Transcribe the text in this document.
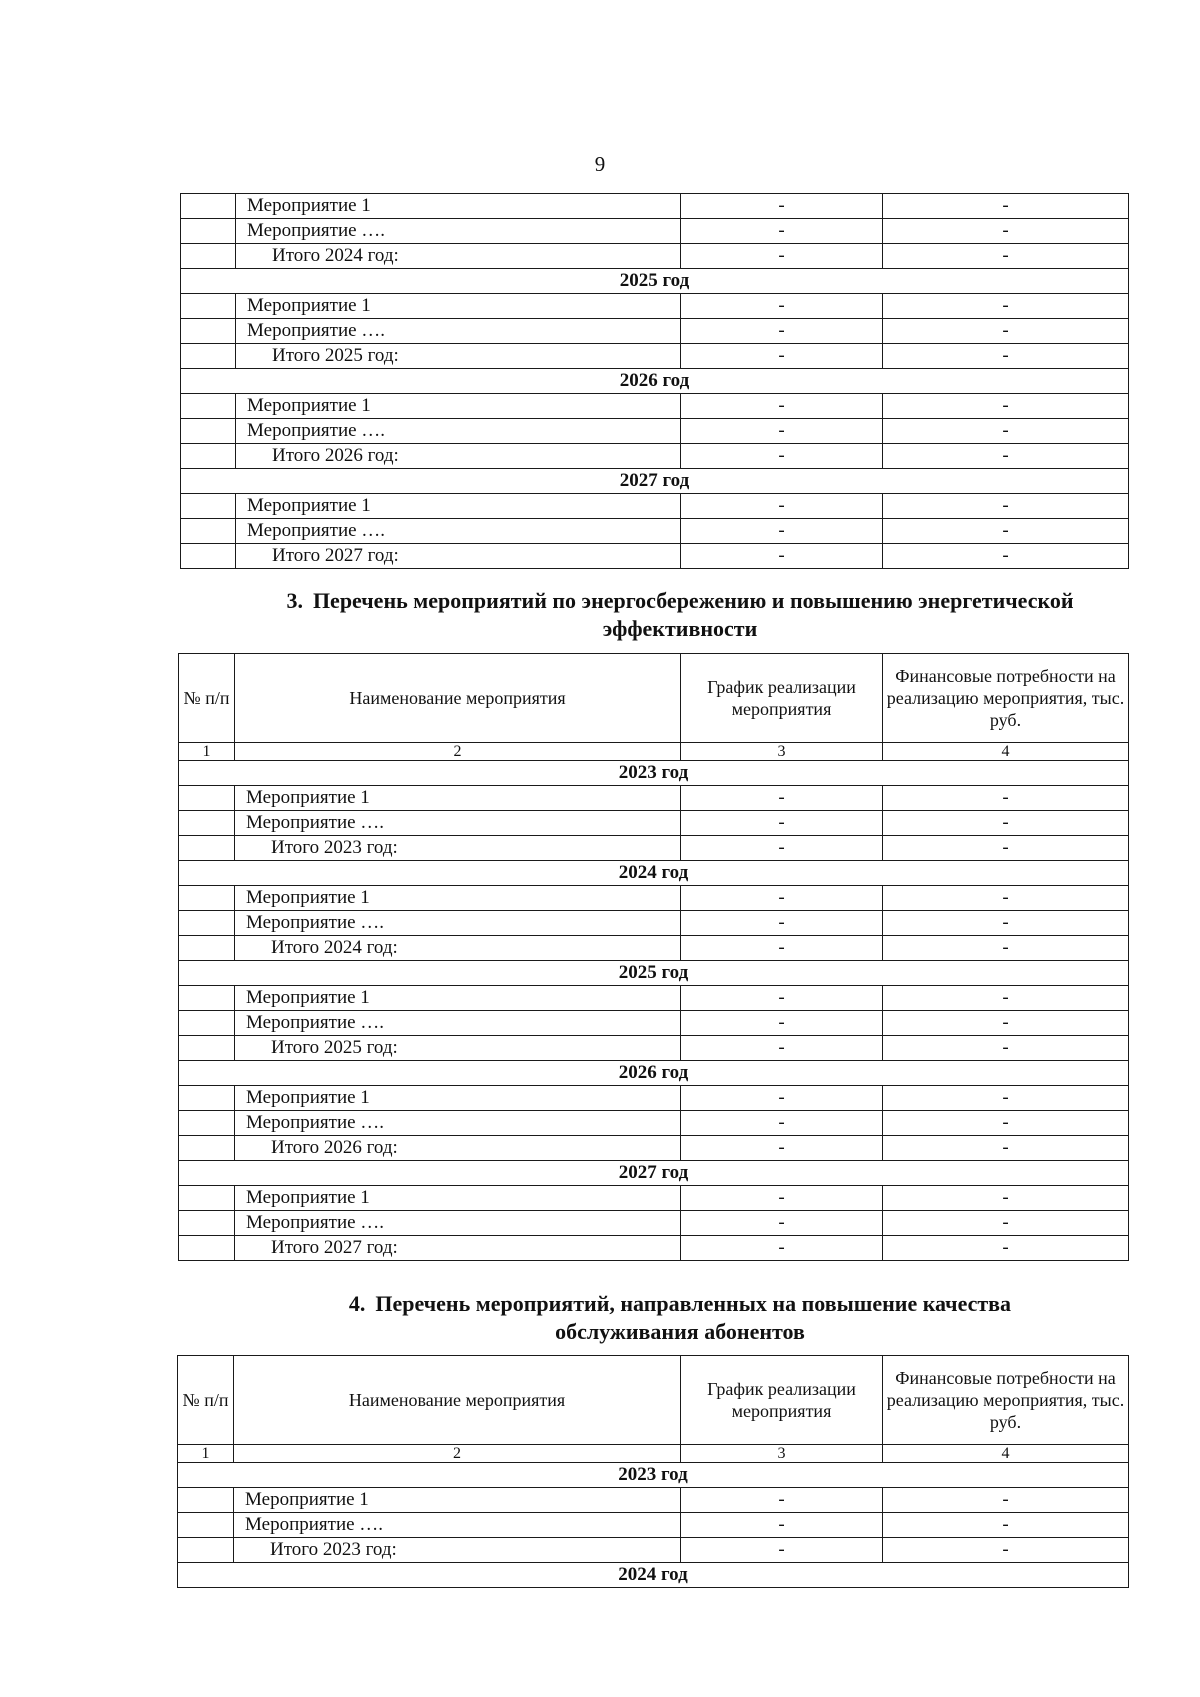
9
	Мероприятие 1	-	-
	Мероприятие ….	-	-
	Итого 2024 год:	-	-
2025 год			
	Мероприятие 1	-	-
	Мероприятие ….	-	-
	Итого 2025 год:	-	-
2026 год			
	Мероприятие 1	-	-
	Мероприятие ….	-	-
	Итого 2026 год:	-	-
2027 год			
	Мероприятие 1	-	-
	Мероприятие ….	-	-
	Итого 2027 год:	-	-
3. Перечень мероприятий по энергосбережению и повышению энергетической
эффективности
№ п/п	Наименование мероприятия	График реализации мероприятия	Финансовые потребности на реализацию мероприятия, тыс. руб.
1	2	3	4
2023 год			
	Мероприятие 1	-	-
	Мероприятие ….	-	-
	Итого 2023 год:	-	-
2024 год			
	Мероприятие 1	-	-
	Мероприятие ….	-	-
	Итого 2024 год:	-	-
2025 год			
	Мероприятие 1	-	-
	Мероприятие ….	-	-
	Итого 2025 год:	-	-
2026 год			
	Мероприятие 1	-	-
	Мероприятие ….	-	-
	Итого 2026 год:	-	-
2027 год			
	Мероприятие 1	-	-
	Мероприятие ….	-	-
	Итого 2027 год:	-	-
4. Перечень мероприятий, направленных на повышение качества
обслуживания абонентов
№ п/п	Наименование мероприятия	График реализации мероприятия	Финансовые потребности на реализацию мероприятия, тыс. руб.
1	2	3	4
2023 год			
	Мероприятие 1	-	-
	Мероприятие ….	-	-
	Итого 2023 год:	-	-
2024 год			
